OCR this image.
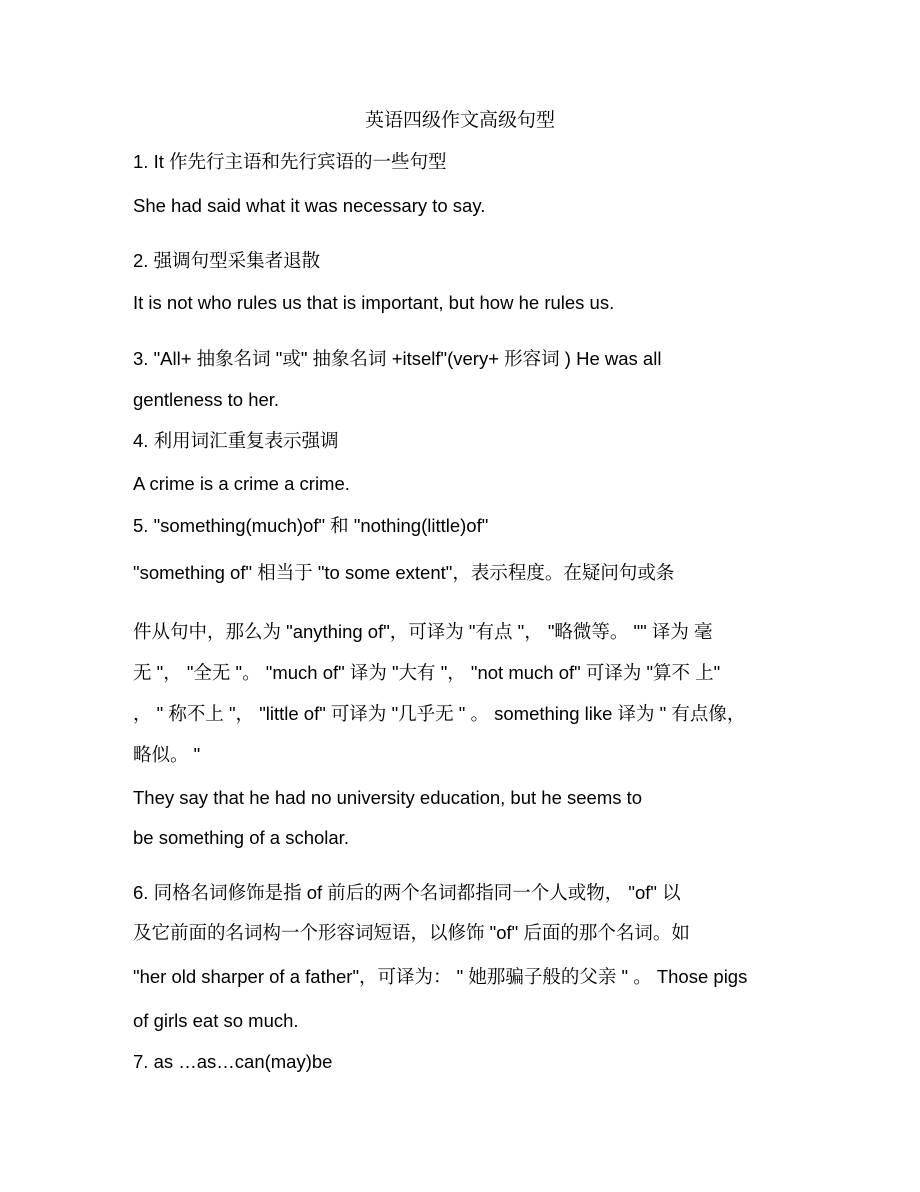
英语四级作文高级句型
1. It 作先行主语和先行宾语的一些句型
She had said what it was necessary to say.
2. 强调句型采集者退散
It is not who rules us that is important, but how he rules us.
3. "All+ 抽象名词 "或" 抽象名词 +itself"(very+ 形容词 ) He was all
gentleness to her.
4. 利用词汇重复表示强调
A crime is a crime a crime.
5. "something(much)of" 和 "nothing(little)of"
"something of" 相当于 "to some extent"，表示程度。在疑问句或条
件从句中，那么为 "anything of"，可译为 "有点 "， "略微等。 "" 译为 毫
无 "， "全无 "。 "much of" 译为 "大有 "， "not much of" 可译为 "算不 上"
， " 称不上 "， "little of" 可译为 "几乎无 " 。 something like 译为 " 有点像，
略似。 "
They say that he had no university education, but he seems to
be something of a scholar.
6. 同格名词修饰是指 of 前后的两个名词都指同一个人或物， "of" 以
及它前面的名词构一个形容词短语，以修饰 "of" 后面的那个名词。如
"her old sharper of a father"，可译为： " 她那骗子般的父亲 " 。 Those pigs
of girls eat so much.
7. as …as…can(may)be
